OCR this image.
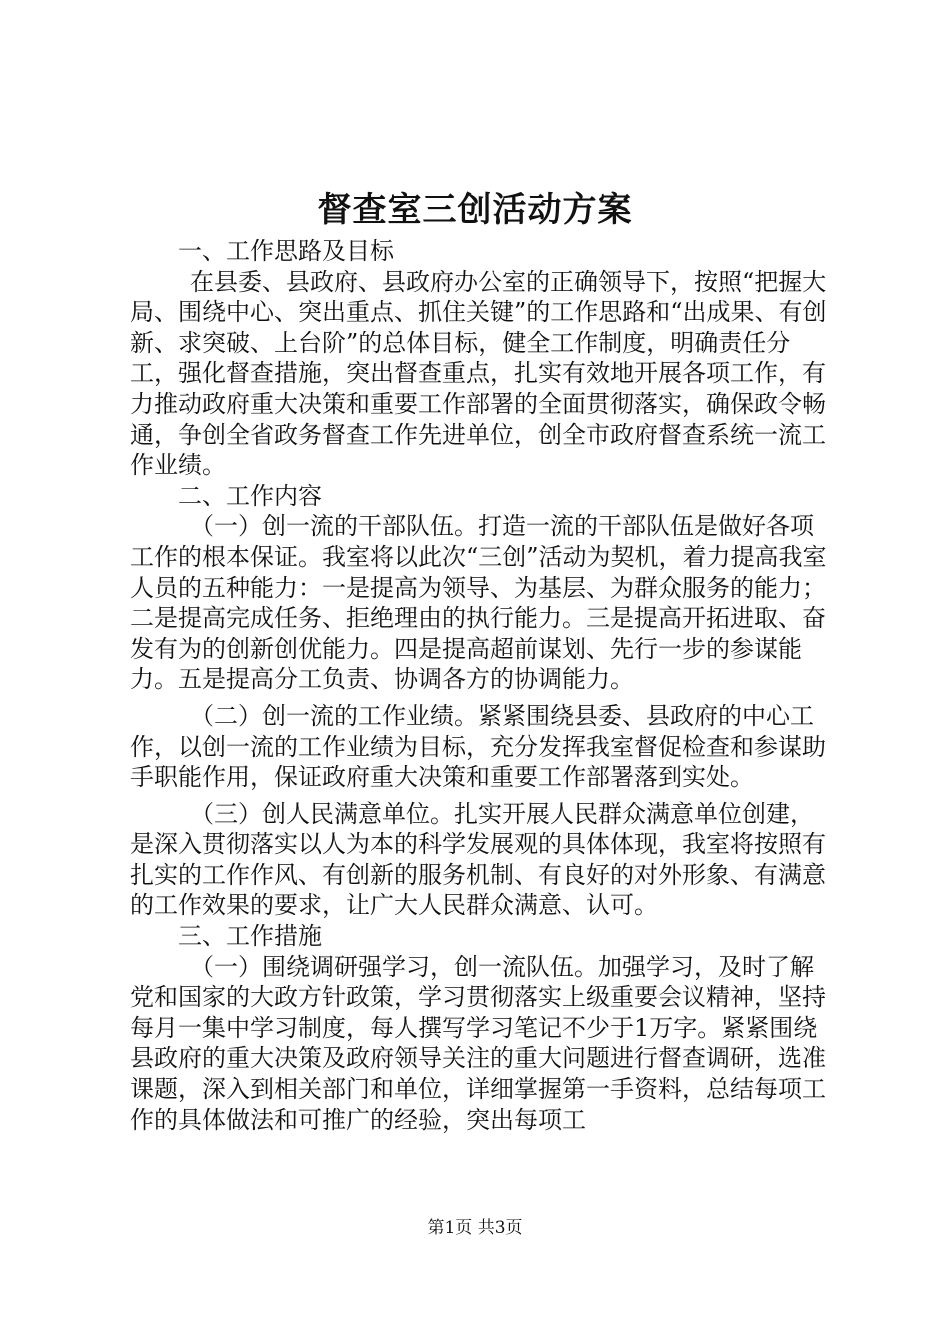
督查室三创活动方案

一、工作思路及目标

在县委、县政府、县政府办公室的正确领导下，按照“把握大局、围绕中心、突出重点、抓住关键”的工作思路和“出成果、有创新、求突破、上台阶”的总体目标，健全工作制度，明确责任分工，强化督查措施，突出督查重点，扎实有效地开展各项工作，有力推动政府重大决策和重要工作部署的全面贯彻落实，确保政令畅通，争创全省政务督查工作先进单位，创全市政府督查系统一流工作业绩。

二、工作内容

（一）创一流的干部队伍。打造一流的干部队伍是做好各项工作的根本保证。我室将以此次“三创”活动为契机，着力提高我室人员的五种能力：一是提高为领导、为基层、为群众服务的能力；二是提高完成任务、拒绝理由的执行能力。三是提高开拓进取、奋发有为的创新创优能力。四是提高超前谋划、先行一步的参谋能力。五是提高分工负责、协调各方的协调能力。

（二）创一流的工作业绩。紧紧围绕县委、县政府的中心工作，以创一流的工作业绩为目标，充分发挥我室督促检查和参谋助手职能作用，保证政府重大决策和重要工作部署落到实处。

（三）创人民满意单位。扎实开展人民群众满意单位创建，是深入贯彻落实以人为本的科学发展观的具体体现，我室将按照有扎实的工作作风、有创新的服务机制、有良好的对外形象、有满意的工作效果的要求，让广大人民群众满意、认可。

三、工作措施

（一）围绕调研强学习，创一流队伍。加强学习，及时了解党和国家的大政方针政策，学习贯彻落实上级重要会议精神，坚持每月一集中学习制度，每人撰写学习笔记不少于1万字。紧紧围绕县政府的重大决策及政府领导关注的重大问题进行督查调研，选准课题，深入到相关部门和单位，详细掌握第一手资料，总结每项工作的具体做法和可推广的经验，突出每项工

第1页 共3页
